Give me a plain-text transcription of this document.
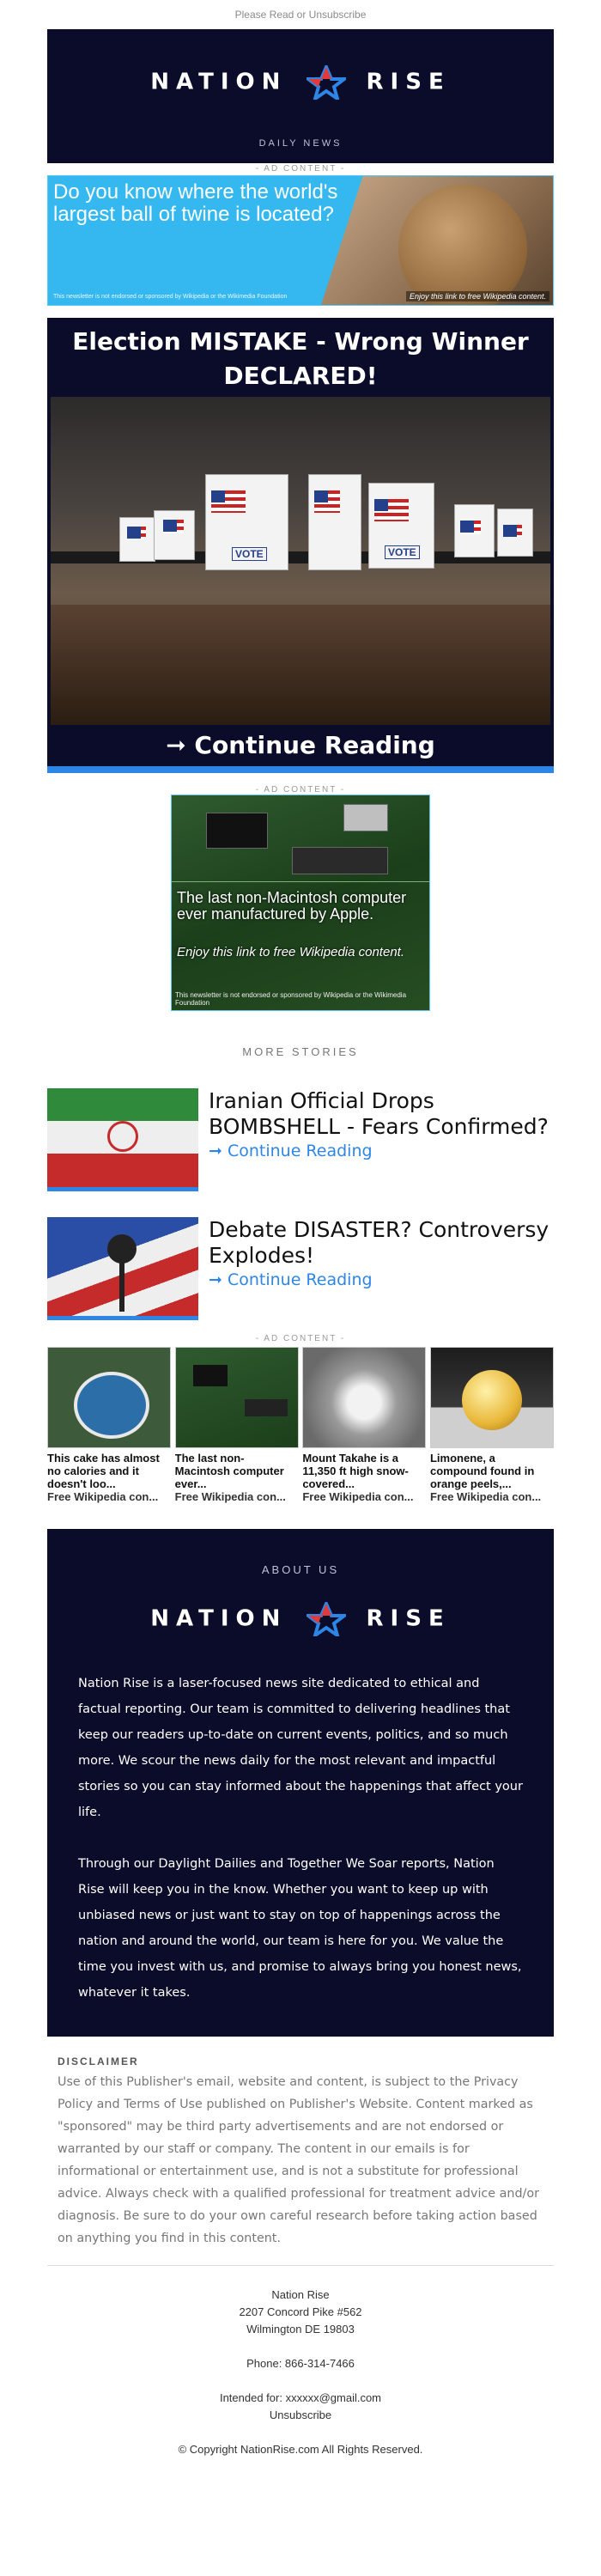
Please Read or Unsubscribe
NATION	RISE
DAILY NEWS
- AD CONTENT -
Do you know where the world's largest ball of twine is located?
This newsletter is not endorsed or sponsored by Wikipedia or the Wikimedia Foundation	Enjoy this link to free Wikipedia content.
Election MISTAKE - Wrong Winner DECLARED!
VOTE	VOTE
➞ Continue Reading
- AD CONTENT -
The last non-Macintosh computer ever manufactured by Apple.
Enjoy this link to free Wikipedia content.
This newsletter is not endorsed or sponsored by Wikipedia or the Wikimedia Foundation
MORE STORIES
Iranian Official Drops BOMBSHELL - Fears Confirmed?
➞ Continue Reading
Debate DISASTER? Controversy Explodes!
➞ Continue Reading
- AD CONTENT -
This cake has almost no calories and it doesn't loo...
Free Wikipedia con...
The last non-Macintosh computer ever...
Free Wikipedia con...
Mount Takahe is a 11,350 ft high snow-covered...
Free Wikipedia con...
Limonene, a compound found in orange peels,...
Free Wikipedia con...
ABOUT US
NATION	RISE

Nation Rise is a laser-focused news site dedicated to ethical and factual reporting. Our team is committed to delivering headlines that keep our readers up-to-date on current events, politics, and so much more. We scour the news daily for the most relevant and impactful stories so you can stay informed about the happenings that affect your life.

Through our Daylight Dailies and Together We Soar reports, Nation Rise will keep you in the know. Whether you want to keep up with unbiased news or just want to stay on top of happenings across the nation and around the world, our team is here for you. We value the time you invest with us, and promise to always bring you honest news, whatever it takes.

DISCLAIMER

Use of this Publisher's email, website and content, is subject to the Privacy Policy and Terms of Use published on Publisher's Website. Content marked as "sponsored" may be third party advertisements and are not endorsed or warranted by our staff or company. The content in our emails is for informational or entertainment use, and is not a substitute for professional advice. Always check with a qualified professional for treatment advice and/or diagnosis. Be sure to do your own careful research before taking action based on anything you find in this content.

Nation Rise
2207 Concord Pike #562
Wilmington DE 19803
Phone: 866-314-7466
Intended for: xxxxxx@gmail.com
Unsubscribe
© Copyright NationRise.com All Rights Reserved.
